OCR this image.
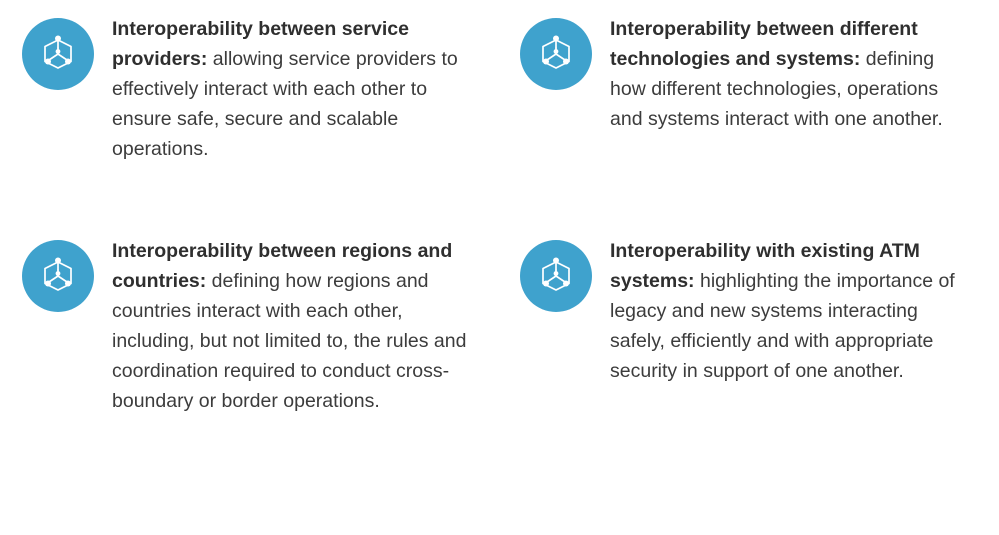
Interoperability between service providers: allowing service providers to effectively interact with each other to ensure safe, secure and scalable operations.
Interoperability between different technologies and systems: defining how different technologies, operations and systems interact with one another.
Interoperability between regions and countries: defining how regions and countries interact with each other, including, but not limited to, the rules and coordination required to conduct cross-boundary or border operations.
Interoperability with existing ATM systems: highlighting the importance of legacy and new systems interacting safely, efficiently and with appropriate security in support of one another.
